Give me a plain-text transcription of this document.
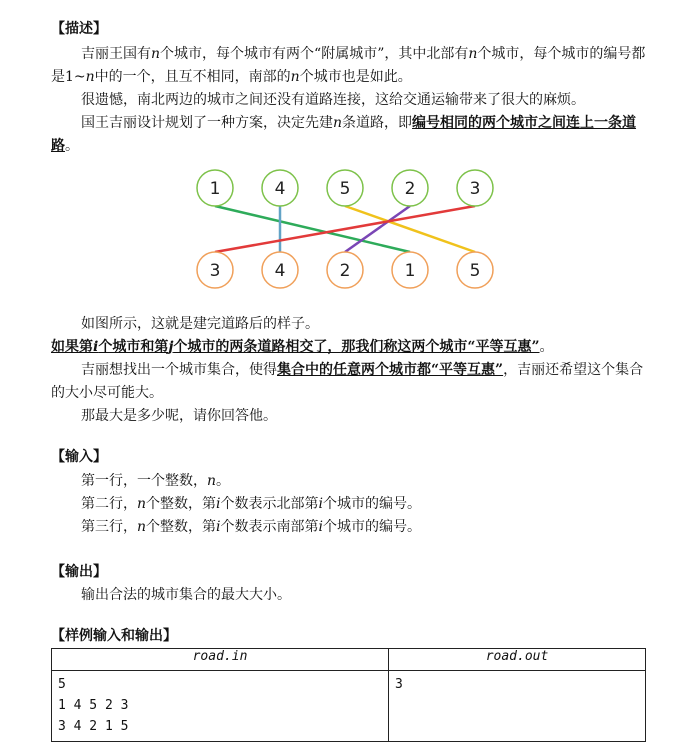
【描述】
吉丽王国有n个城市，每个城市有两个“附属城市”，其中北部有n个城市，每个城市的编号都是1~n中的一个，且互不相同，南部的n个城市也是如此。
很遗憾，南北两边的城市之间还没有道路连接，这给交通运输带来了很大的麻烦。
国王吉丽设计规划了一种方案，决定先建n条道路，即编号相同的两个城市之间连上一条道路。
1	4	5	2	3
3	4	2	1	5
如图所示，这就是建完道路后的样子。
如果第i个城市和第j个城市的两条道路相交了，那我们称这两个城市“平等互惠”。
吉丽想找出一个城市集合，使得集合中的任意两个城市都“平等互惠”，吉丽还希望这个集合的大小尽可能大。
那最大是多少呢，请你回答他。
【输入】
第一行，一个整数，n。
第二行，n个整数，第i个数表示北部第i个城市的编号。
第三行，n个整数，第i个数表示南部第i个城市的编号。
【输出】
输出合法的城市集合的最大大小。
【样例输入和输出】
road.in	road.out

5
1 4 5 2 3
3 4 2 1 5	3
